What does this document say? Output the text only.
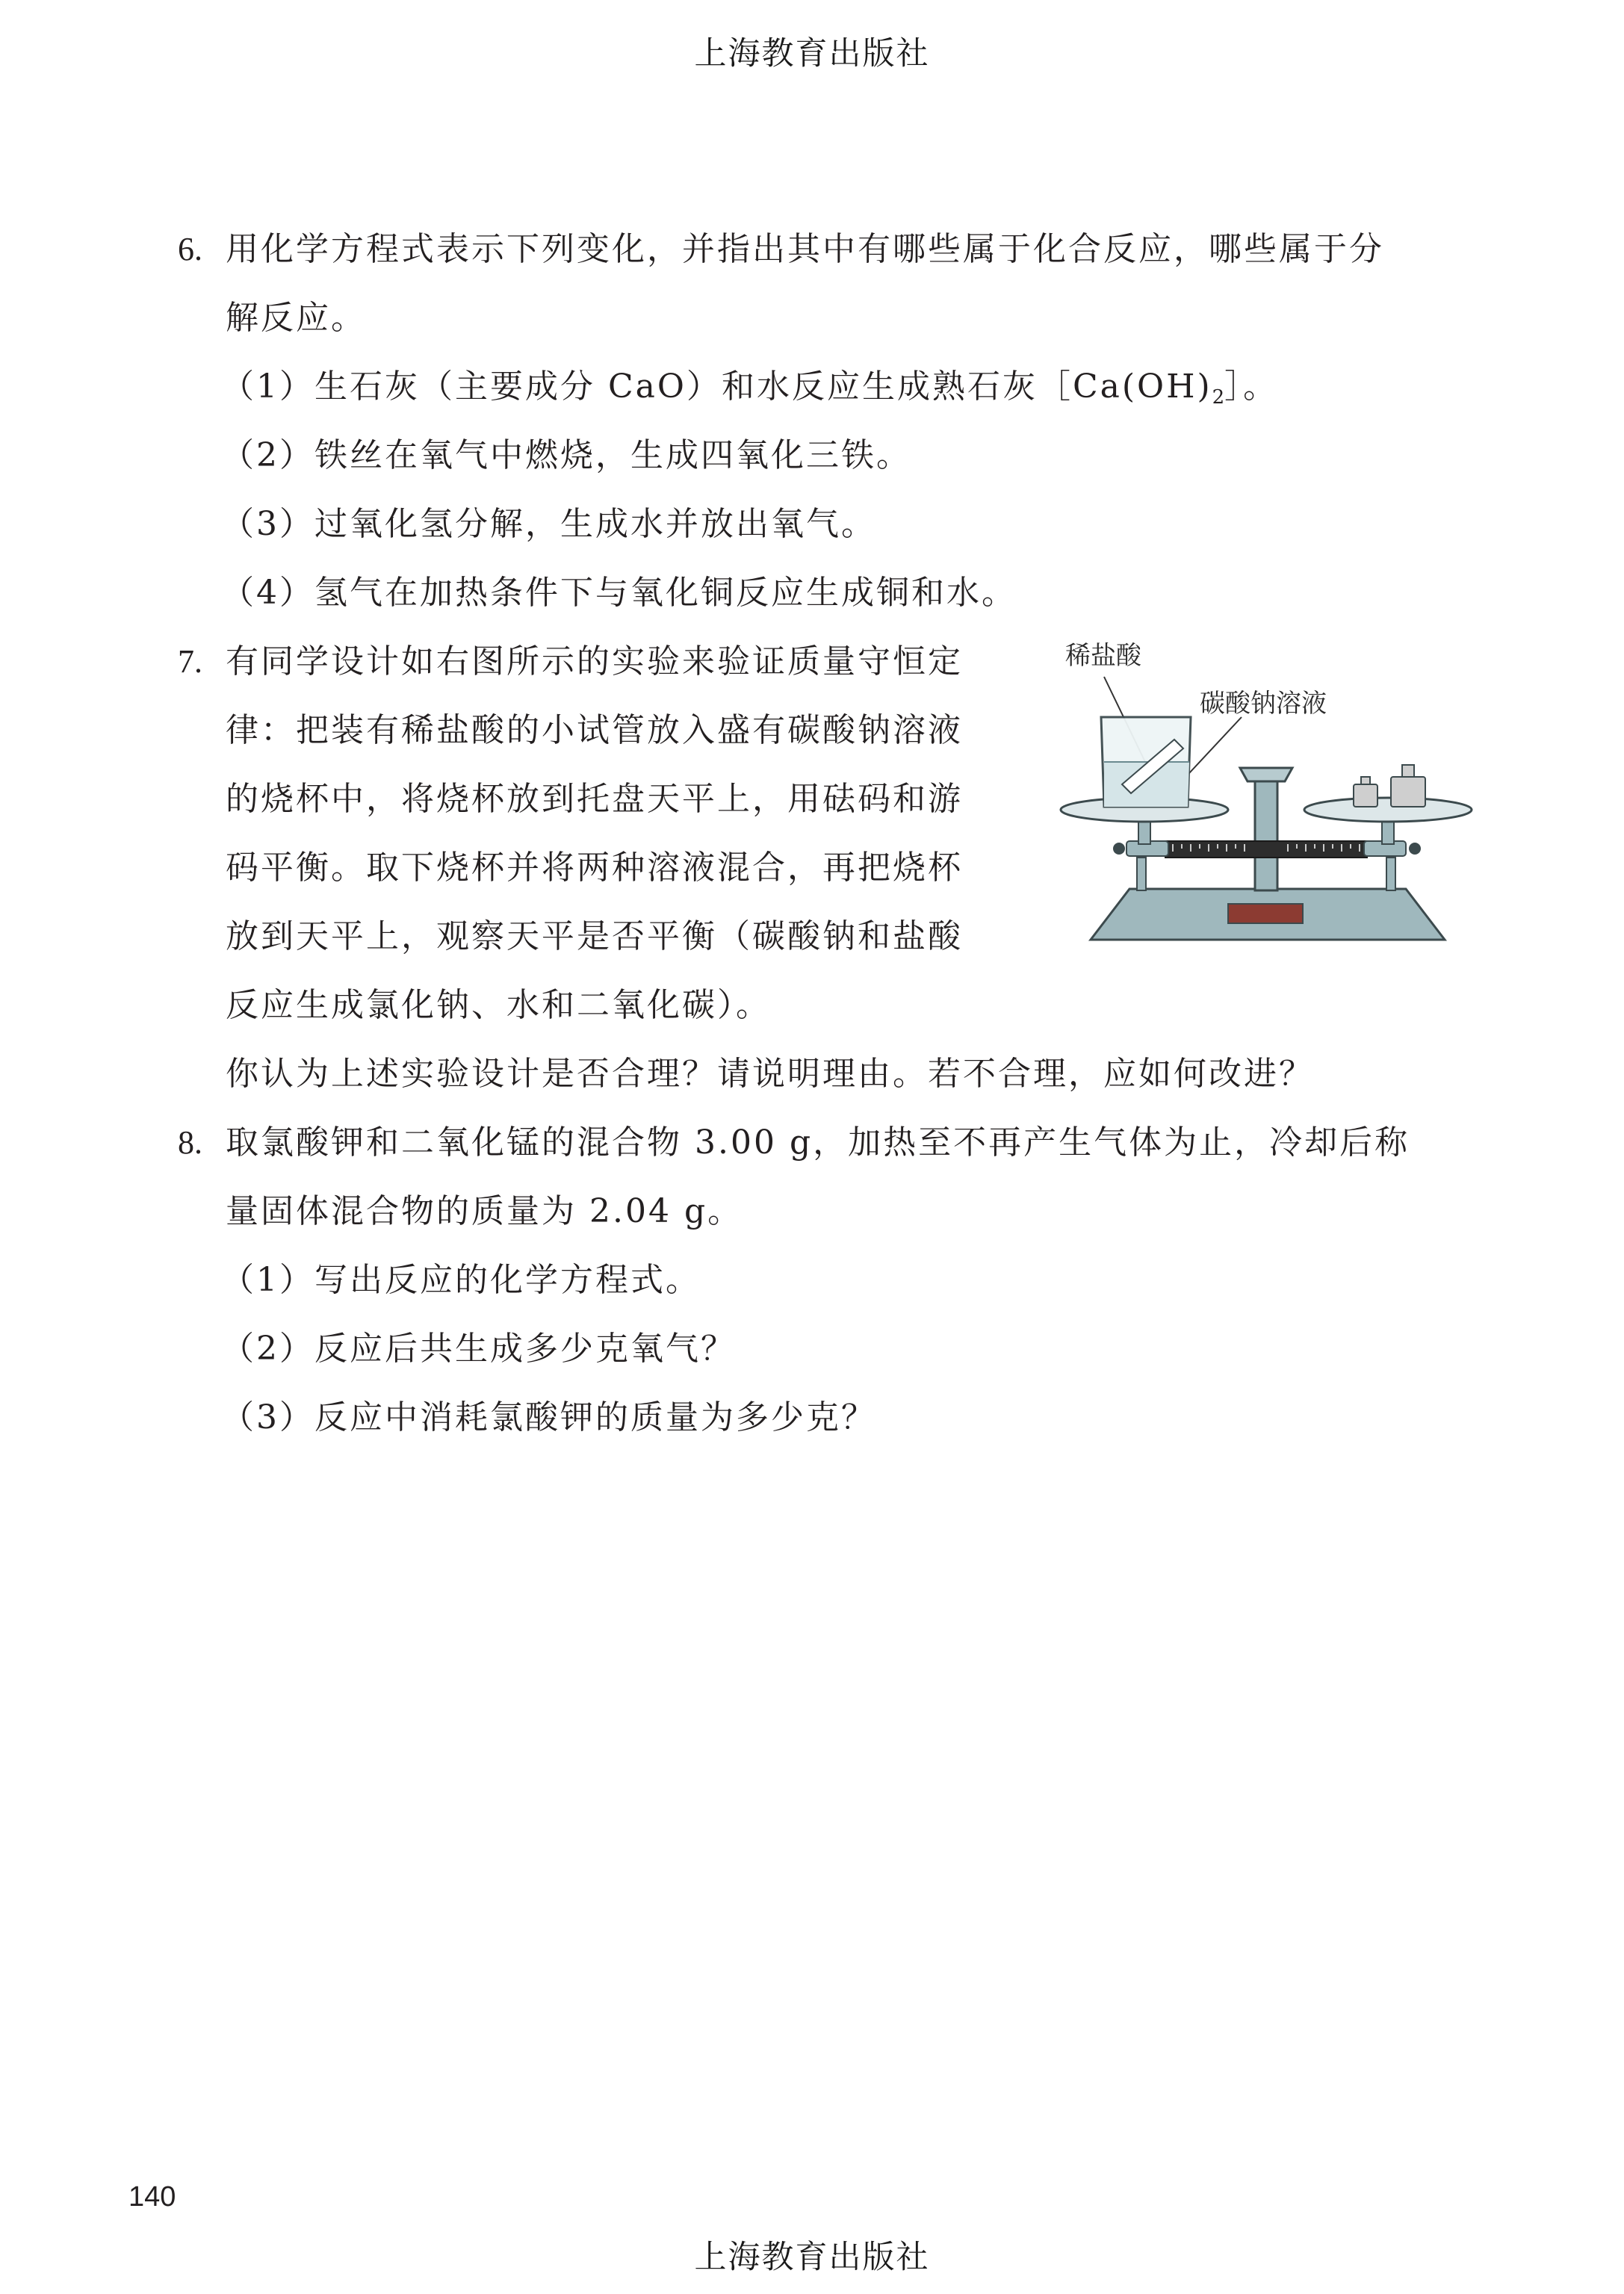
上海教育出版社
6. 用化学方程式表示下列变化，并指出其中有哪些属于化合反应，哪些属于分
解反应。
（1）生石灰（主要成分 CaO）和水反应生成熟石灰$[Ca(OH)_2]$。
（2）铁丝在氧气中燃烧，生成四氧化三铁。
（3）过氧化氢分解，生成水并放出氧气。
（4）氢气在加热条件下与氧化铜反应生成铜和水。
7. 有同学设计如右图所示的实验来验证质量守恒定
律：把装有稀盐酸的小试管放入盛有碳酸钠溶液
的烧杯中，将烧杯放到托盘天平上，用砝码和游
码平衡。取下烧杯并将两种溶液混合，再把烧杯
放到天平上，观察天平是否平衡（碳酸钠和盐酸
反应生成氯化钠、水和二氧化碳）。
你认为上述实验设计是否合理？请说明理由。若不合理，应如何改进？
稀盐酸
碳酸钠溶液
8. 取氯酸钾和二氧化锰的混合物 3.00 g，加热至不再产生气体为止，冷却后称
量固体混合物的质量为 2.04 g。
（1）写出反应的化学方程式。
（2）反应后共生成多少克氧气？
（3）反应中消耗氯酸钾的质量为多少克？
140
上海教育出版社
